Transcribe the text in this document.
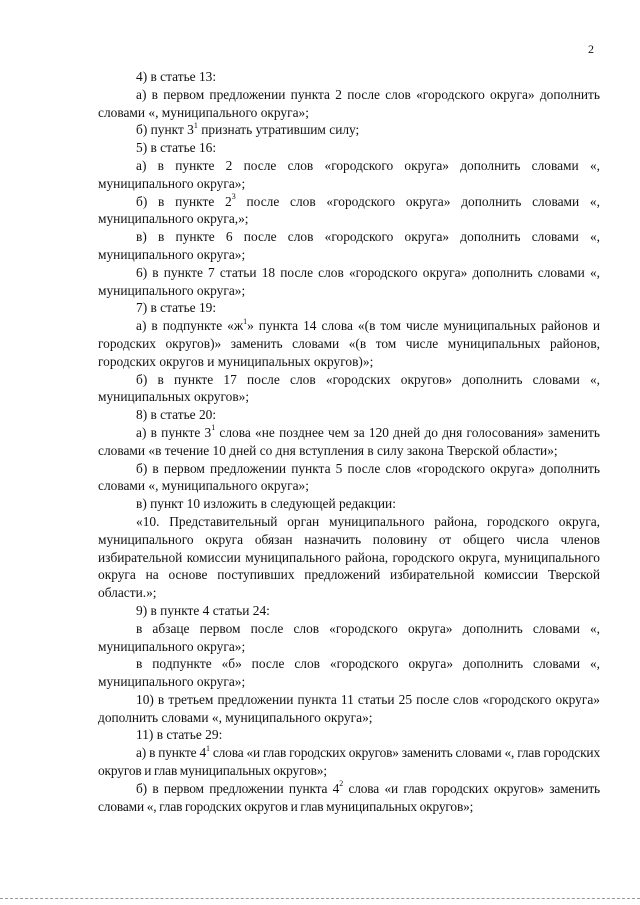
2

4) в статье 13:

а) в первом предложении пункта 2 после слов «городского округа» дополнить словами «, муниципального округа»;

б) пункт $3^1$ признать утратившим силу;

5) в статье 16:

а) в пункте 2 после слов «городского округа» дополнить словами «, муниципального округа»;

б) в пункте $2^3$ после слов «городского округа» дополнить словами «, муниципального округа,»;

в) в пункте 6 после слов «городского округа» дополнить словами «, муниципального округа»;

6) в пункте 7 статьи 18 после слов «городского округа» дополнить словами «, муниципального округа»;

7) в статье 19:

а) в подпункте «$ж^1$» пункта 14 слова «(в том числе муниципальных районов и городских округов)» заменить словами «(в том числе муниципальных районов, городских округов и муниципальных округов)»;

б) в пункте 17 после слов «городских округов» дополнить словами «, муниципальных округов»;

8) в статье 20:

а) в пункте $3^1$ слова «не позднее чем за 120 дней до дня голосования» заменить словами «в течение 10 дней со дня вступления в силу закона Тверской области»;

б) в первом предложении пункта 5 после слов «городского округа» дополнить словами «, муниципального округа»;

в) пункт 10 изложить в следующей редакции:

«10. Представительный орган муниципального района, городского округа, муниципального округа обязан назначить половину от общего числа членов избирательной комиссии муниципального района, городского округа, муниципального округа на основе поступивших предложений избирательной комиссии Тверской области.»;

9) в пункте 4 статьи 24:

в абзаце первом после слов «городского округа» дополнить словами «, муниципального округа»;

в подпункте «б» после слов «городского округа» дополнить словами «, муниципального округа»;

10) в третьем предложении пункта 11 статьи 25 после слов «городского округа» дополнить словами «, муниципального округа»;

11) в статье 29:

а) в пункте $4^1$ слова «и глав городских округов» заменить словами «, глав городских округов и глав муниципальных округов»;

б) в первом предложении пункта $4^2$ слова «и глав городских округов» заменить словами «, глав городских округов и глав муниципальных округов»;
